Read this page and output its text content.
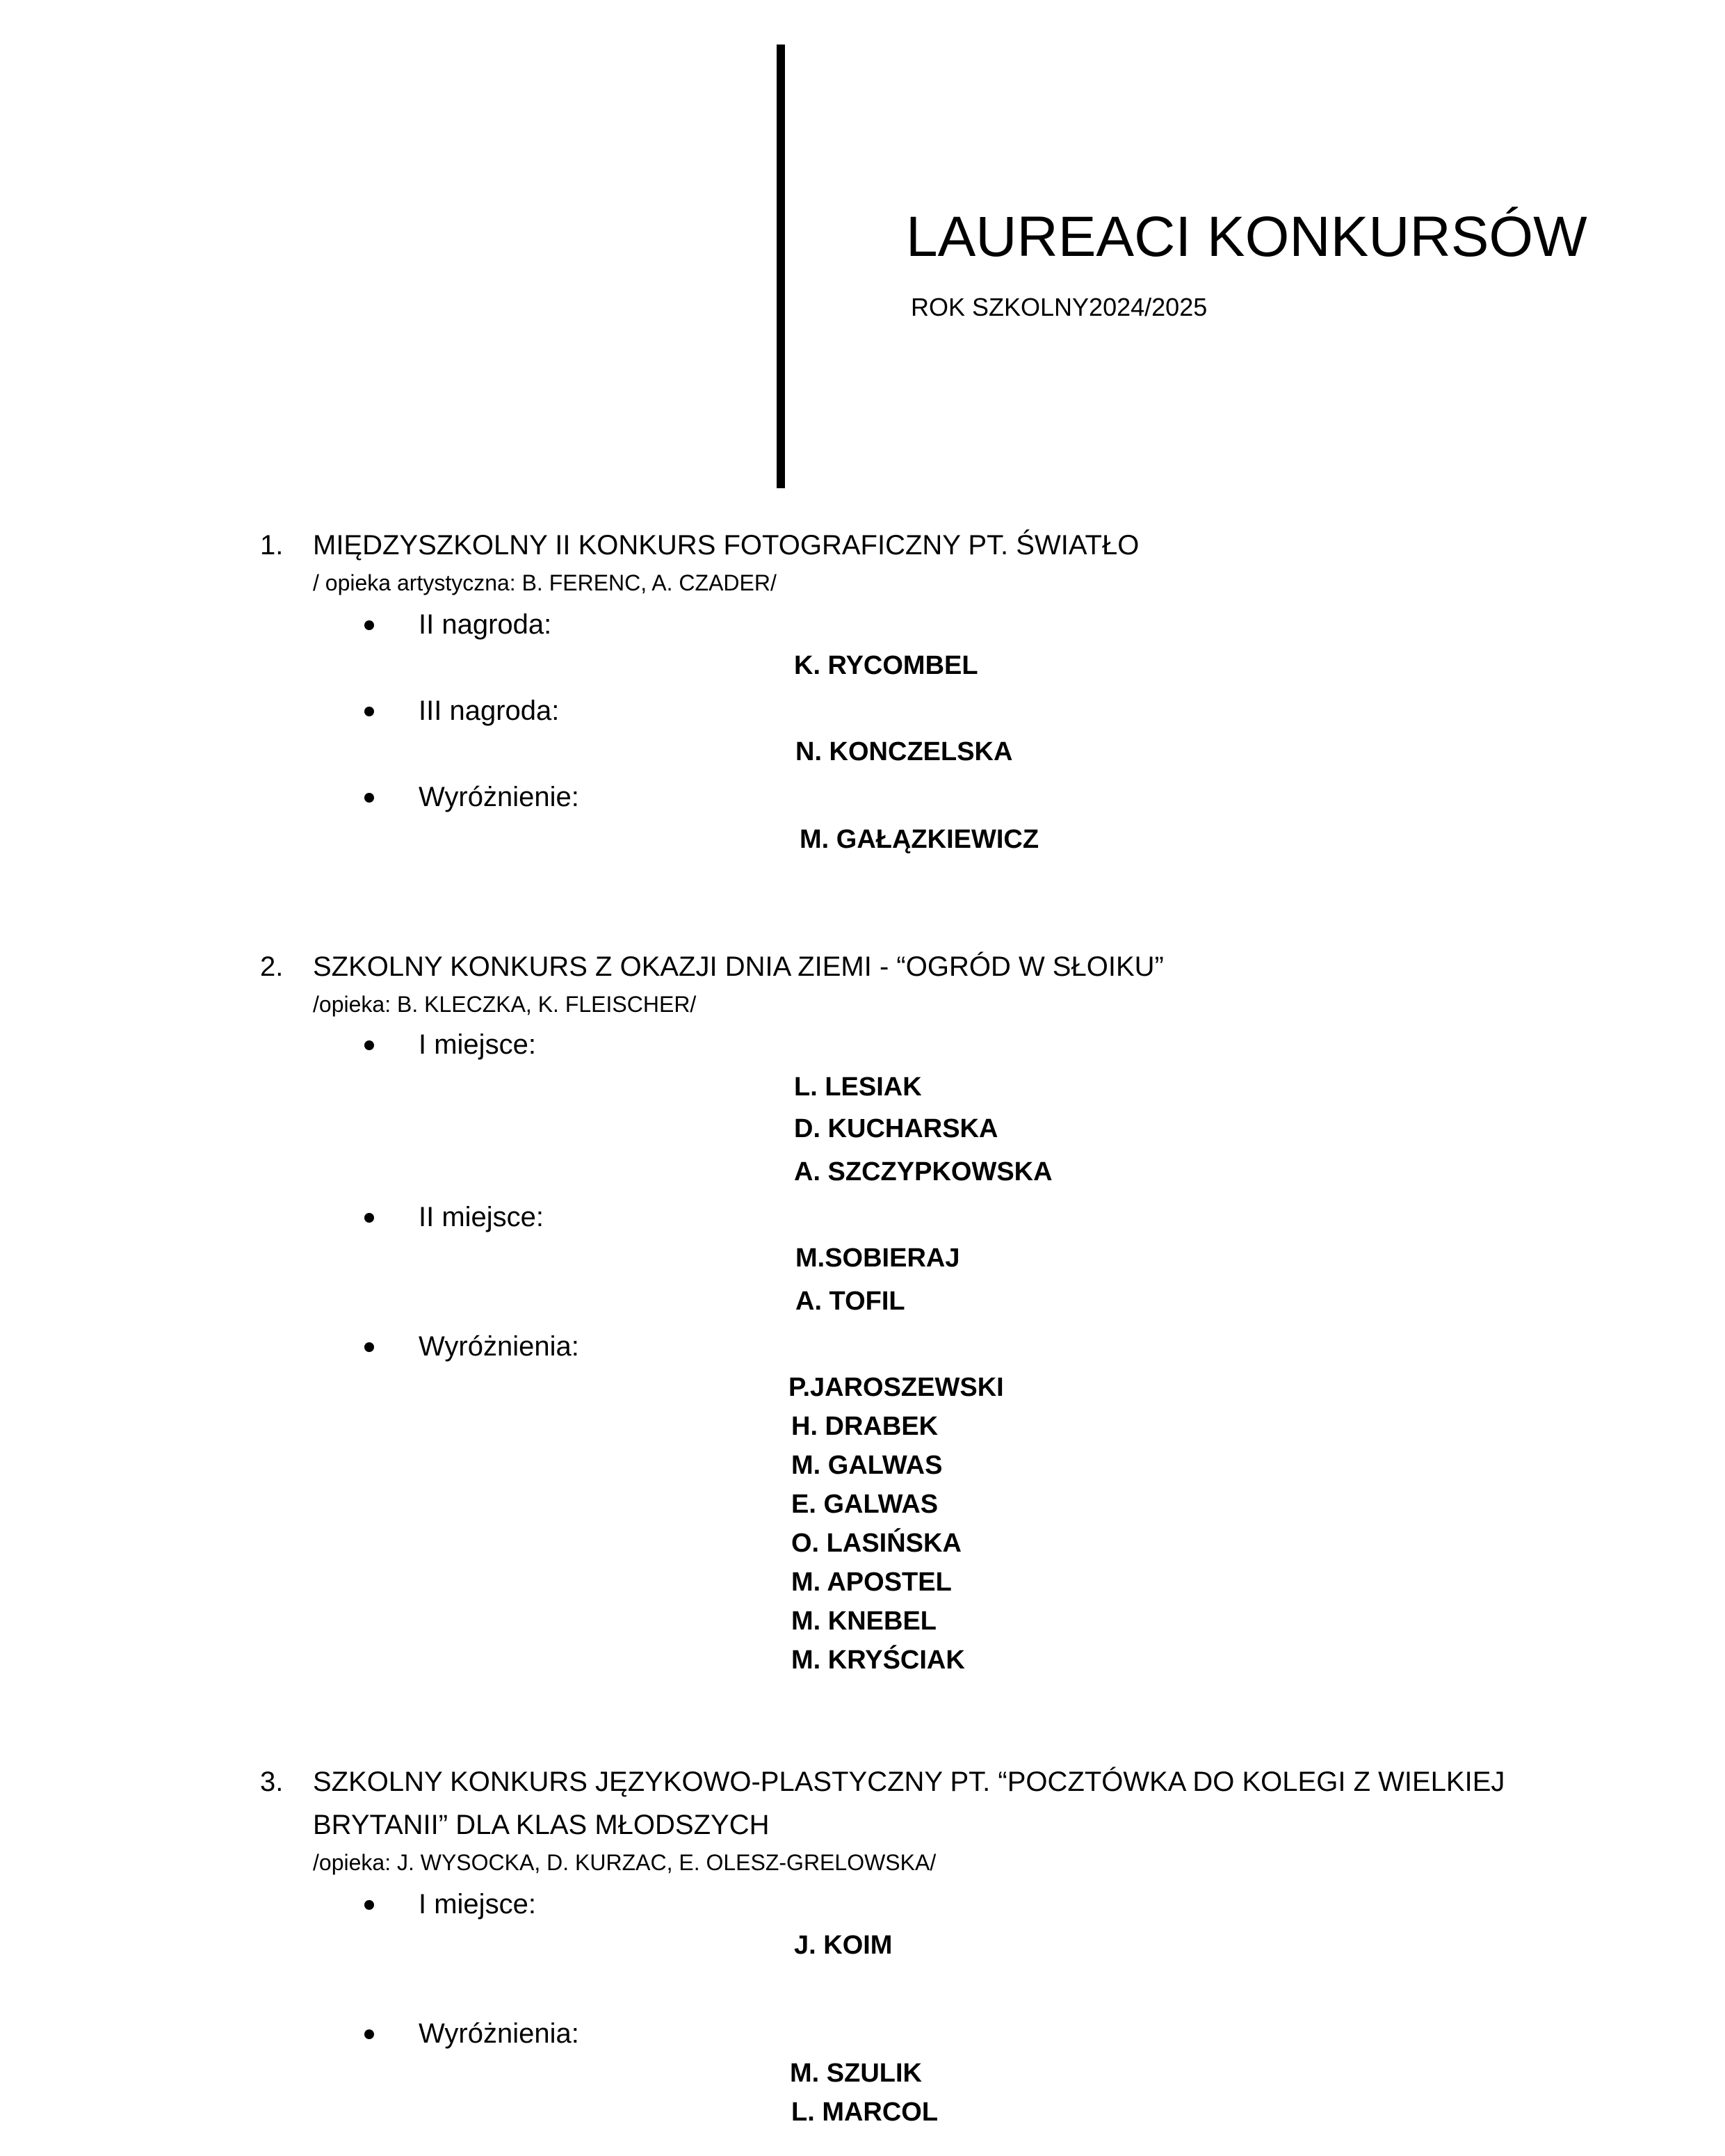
LAUREACI KONKURSÓW
ROK SZKOLNY2024/2025
1. MIĘDZYSZKOLNY II KONKURS FOTOGRAFICZNY PT. ŚWIATŁO
/ opieka artystyczna: B. FERENC, A. CZADER/
II nagroda:
K. RYCOMBEL
III nagroda:
N. KONCZELSKA
Wyróżnienie:
M. GAŁĄZKIEWICZ
2. SZKOLNY KONKURS Z OKAZJI DNIA ZIEMI - “OGRÓD W SŁOIKU”
/opieka: B. KLECZKA, K. FLEISCHER/
I miejsce:
L. LESIAK
D. KUCHARSKA
A. SZCZYPKOWSKA
II miejsce:
M.SOBIERAJ
A. TOFIL
Wyróżnienia:
P.JAROSZEWSKI
H. DRABEK
M. GALWAS
E. GALWAS
O. LASIŃSKA
M. APOSTEL
M. KNEBEL
M. KRYŚCIAK
3. SZKOLNY KONKURS JĘZYKOWO-PLASTYCZNY PT. “POCZTÓWKA DO KOLEGI Z WIELKIEJ
BRYTANII” DLA KLAS MŁODSZYCH
/opieka: J. WYSOCKA, D. KURZAC, E. OLESZ-GRELOWSKA/
I miejsce:
J. KOIM
Wyróżnienia:
M. SZULIK
L. MARCOL
